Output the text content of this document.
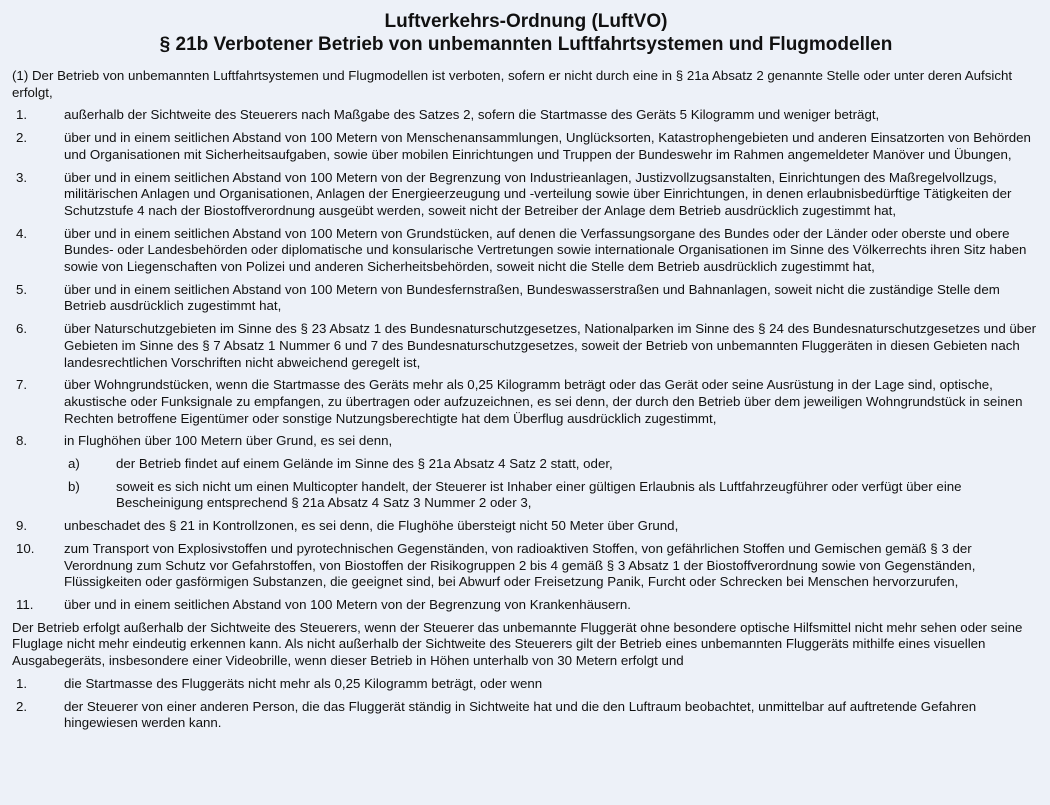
Luftverkehrs-Ordnung (LuftVO)
§ 21b Verbotener Betrieb von unbemannten Luftfahrtsystemen und Flugmodellen

(1) Der Betrieb von unbemannten Luftfahrtsystemen und Flugmodellen ist verboten, sofern er nicht durch eine in § 21a Absatz 2 genannte Stelle oder unter deren Aufsicht erfolgt,

1.	außerhalb der Sichtweite des Steuerers nach Maßgabe des Satzes 2, sofern die Startmasse des Geräts 5 Kilogramm und weniger beträgt,
2.	über und in einem seitlichen Abstand von 100 Metern von Menschenansammlungen, Unglücksorten, Katastrophengebieten und anderen Einsatzorten von Behörden und Organisationen mit Sicherheitsaufgaben, sowie über mobilen Einrichtungen und Truppen der Bundeswehr im Rahmen angemeldeter Manöver und Übungen,
3.	über und in einem seitlichen Abstand von 100 Metern von der Begrenzung von Industrieanlagen, Justizvollzugsanstalten, Einrichtungen des Maßregelvollzugs, militärischen Anlagen und Organisationen, Anlagen der Energieerzeugung und -verteilung sowie über Einrichtungen, in denen erlaubnisbedürftige Tätigkeiten der Schutzstufe 4 nach der Biostoffverordnung ausgeübt werden, soweit nicht der Betreiber der Anlage dem Betrieb ausdrücklich zugestimmt hat,
4.	über und in einem seitlichen Abstand von 100 Metern von Grundstücken, auf denen die Verfassungsorgane des Bundes oder der Länder oder oberste und obere Bundes- oder Landesbehörden oder diplomatische und konsularische Vertretungen sowie internationale Organisationen im Sinne des Völkerrechts ihren Sitz haben sowie von Liegenschaften von Polizei und anderen Sicherheitsbehörden, soweit nicht die Stelle dem Betrieb ausdrücklich zugestimmt hat,
5.	über und in einem seitlichen Abstand von 100 Metern von Bundesfernstraßen, Bundeswasserstraßen und Bahnanlagen, soweit nicht die zuständige Stelle dem Betrieb ausdrücklich zugestimmt hat,
6.	über Naturschutzgebieten im Sinne des § 23 Absatz 1 des Bundesnaturschutzgesetzes, Nationalparken im Sinne des § 24 des Bundesnaturschutzgesetzes und über Gebieten im Sinne des § 7 Absatz 1 Nummer 6 und 7 des Bundesnaturschutzgesetzes, soweit der Betrieb von unbemannten Fluggeräten in diesen Gebieten nach landesrechtlichen Vorschriften nicht abweichend geregelt ist,
7.	über Wohngrundstücken, wenn die Startmasse des Geräts mehr als 0,25 Kilogramm beträgt oder das Gerät oder seine Ausrüstung in der Lage sind, optische, akustische oder Funksignale zu empfangen, zu übertragen oder aufzuzeichnen, es sei denn, der durch den Betrieb über dem jeweiligen Wohngrundstück in seinen Rechten betroffene Eigentümer oder sonstige Nutzungsberechtigte hat dem Überflug ausdrücklich zugestimmt,
8.	in Flughöhen über 100 Metern über Grund, es sei denn,
a)	der Betrieb findet auf einem Gelände im Sinne des § 21a Absatz 4 Satz 2 statt, oder,
b)	soweit es sich nicht um einen Multicopter handelt, der Steuerer ist Inhaber einer gültigen Erlaubnis als Luftfahrzeugführer oder verfügt über eine Bescheinigung entsprechend § 21a Absatz 4 Satz 3 Nummer 2 oder 3,
9.	unbeschadet des § 21 in Kontrollzonen, es sei denn, die Flughöhe übersteigt nicht 50 Meter über Grund,
10.	zum Transport von Explosivstoffen und pyrotechnischen Gegenständen, von radioaktiven Stoffen, von gefährlichen Stoffen und Gemischen gemäß § 3 der Verordnung zum Schutz vor Gefahrstoffen, von Biostoffen der Risikogruppen 2 bis 4 gemäß § 3 Absatz 1 der Biostoffverordnung sowie von Gegenständen, Flüssigkeiten oder gasförmigen Substanzen, die geeignet sind, bei Abwurf oder Freisetzung Panik, Furcht oder Schrecken bei Menschen hervorzurufen,
11.	über und in einem seitlichen Abstand von 100 Metern von der Begrenzung von Krankenhäusern.

Der Betrieb erfolgt außerhalb der Sichtweite des Steuerers, wenn der Steuerer das unbemannte Fluggerät ohne besondere optische Hilfsmittel nicht mehr sehen oder seine Fluglage nicht mehr eindeutig erkennen kann. Als nicht außerhalb der Sichtweite des Steuerers gilt der Betrieb eines unbemannten Fluggeräts mithilfe eines visuellen Ausgabegeräts, insbesondere einer Videobrille, wenn dieser Betrieb in Höhen unterhalb von 30 Metern erfolgt und

1.	die Startmasse des Fluggeräts nicht mehr als 0,25 Kilogramm beträgt, oder wenn
2.	der Steuerer von einer anderen Person, die das Fluggerät ständig in Sichtweite hat und die den Luftraum beobachtet, unmittelbar auf auftretende Gefahren hingewiesen werden kann.
